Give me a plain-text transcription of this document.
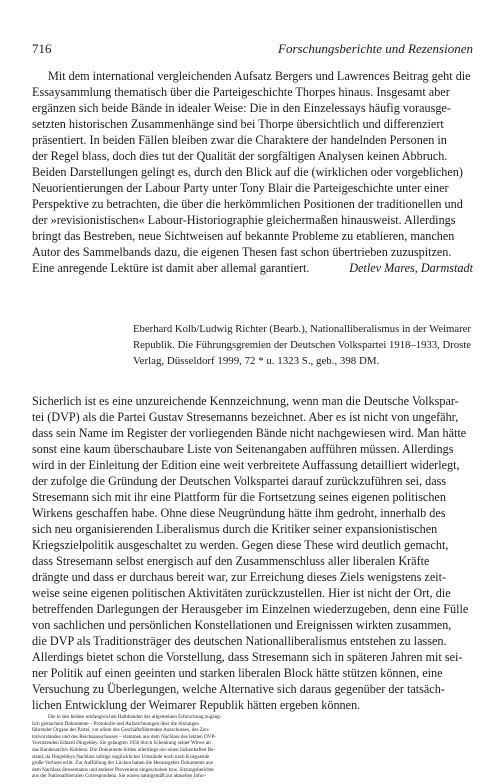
716	Forschungsberichte und Rezensionen
Mit dem international vergleichenden Aufsatz Bergers und Lawrences Beitrag geht die
Essaysammlung thematisch über die Parteigeschichte Thorpes hinaus. Insgesamt aber
ergänzen sich beide Bände in idealer Weise: Die in den Einzelessays häufig vorausge-
setzten historischen Zusammenhänge sind bei Thorpe übersichtlich und differenziert
präsentiert. In beiden Fällen bleiben zwar die Charaktere der handelnden Personen in
der Regel blass, doch dies tut der Qualität der sorgfältigen Analysen keinen Abbruch.
Beiden Darstellungen gelingt es, durch den Blick auf die (wirklichen oder vorgeblichen)
Neuorientierungen der Labour Party unter Tony Blair die Parteigeschichte unter einer
Perspektive zu betrachten, die über die herkömmlichen Positionen der traditionellen und
der »revisionistischen« Labour-Historiographie gleichermaßen hinausweist. Allerdings
bringt das Bestreben, neue Sichtweisen auf bekannte Probleme zu etablieren, manchen
Autor des Sammelbands dazu, die eigenen Thesen fast schon übertrieben zuzuspitzen.
Eine anregende Lektüre ist damit aber allemal garantiert.	Detlev Mares, Darmstadt
Eberhard Kolb/Ludwig Richter (Bearb.), Nationalliberalismus in der Weimarer
Republik. Die Führungsgremien der Deutschen Volkspartei 1918–1933, Droste
Verlag, Düsseldorf 1999, 72 * u. 1323 S., geb., 398 DM.
Sicherlich ist es eine unzureichende Kennzeichnung, wenn man die Deutsche Volkspar-
tei (DVP) als die Partei Gustav Stresemanns bezeichnet. Aber es ist nicht von ungefähr,
dass sein Name im Register der vorliegenden Bände nicht nachgewiesen wird. Man hätte
sonst eine kaum überschaubare Liste von Seitenangaben aufführen müssen. Allerdings
wird in der Einleitung der Edition eine weit verbreitete Auffassung detailliert widerlegt,
der zufolge die Gründung der Deutschen Volkspartei darauf zurückzuführen sei, dass
Stresemann sich mit ihr eine Plattform für die Fortsetzung seines eigenen politischen
Wirkens geschaffen habe. Ohne diese Neugründung hätte ihm gedroht, innerhalb des
sich neu organisierenden Liberalismus durch die Kritiker seiner expansionistischen
Kriegszielpolitik ausgeschaltet zu werden. Gegen diese These wird deutlich gemacht,
dass Stresemann selbst energisch auf den Zusammenschluss aller liberalen Kräfte
drängte und dass er durchaus bereit war, zur Erreichung dieses Ziels wenigstens zeit-
weise seine eigenen politischen Aktivitäten zurückzustellen. Hier ist nicht der Ort, die
betreffenden Darlegungen der Herausgeber im Einzelnen wiederzugeben, denn eine Fülle
von sachlichen und persönlichen Konstellationen und Ereignissen wirkten zusammen,
die DVP als Traditionsträger des deutschen Nationalliberalismus entstehen zu lassen.
Allerdings bietet schon die Vorstellung, dass Stresemann sich in späteren Jahren mit sei-
ner Politik auf einen geeinten und starken liberalen Block hätte stützen können, eine
Versuchung zu Überlegungen, welche Alternative sich daraus gegenüber der tatsäch-
lichen Entwicklung der Weimarer Republik hätten ergeben können.
Die in den beiden umfangreichen Halbbänden der allgemeinen Erforschung zugäng-
lich gemachten Dokumente – Protokolle und Aufzeichnungen über die Sitzungen
führender Organe der Partei, vor allem des Geschäftsführenden Ausschusses, des Zen-
tralvorstandes und des Reichsausschusses – stammen aus dem Nachlass des letzten DVP-
Vorsitzenden Eduard Dingeldey. Sie gelangten 1956 durch Schenkung seiner Witwe an
das Bundesarchiv Koblenz. Die Dokumente bilden allerdings nur einen lückenhaften Be-
stand, da Dingeldeys Nachlass infolge unglücklicher Umstände noch nach Kriegsende
große Verluste erlitt. Zur Auffüllung der Lücken haben die Herausgeber Dokumente aus
dem Nachlass Stresemanns und anderer Provenienz eingeschoben bzw. Sitzungsberichte
aus der Nationalliberalen Correspondenz. Sie waren naturgemäß zur aktuellen Infor-
